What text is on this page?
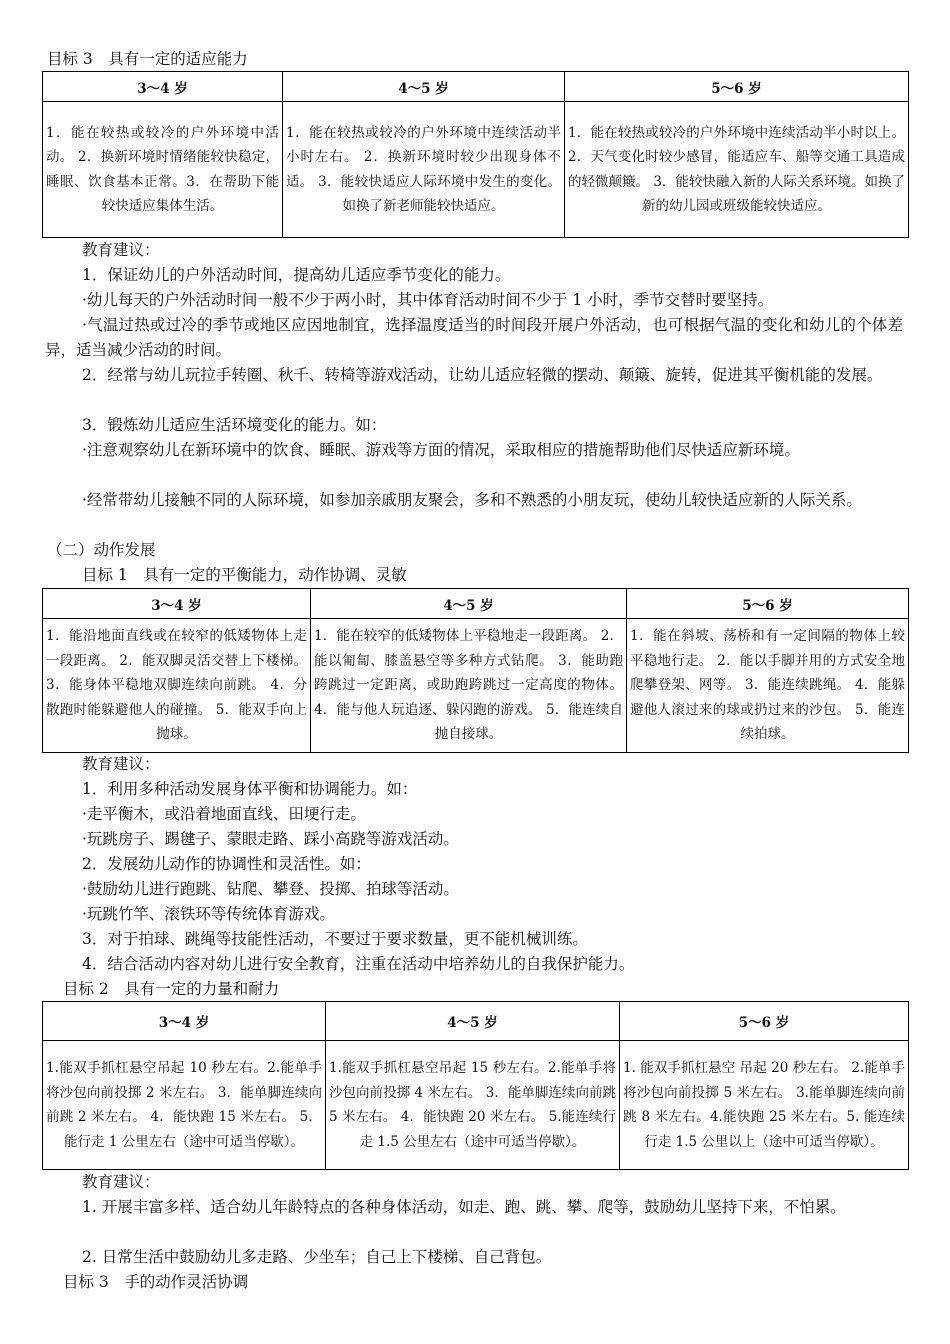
目标 3　具有一定的适应能力
3～4 岁	4～5 岁	5～6 岁
1．能在较热或较冷的户外环境中活动。 2．换新环境时情绪能较快稳定，睡眠、饮食基本正常。3．在帮助下能较快适应集体生活。	1．能在较热或较冷的户外环境中连续活动半小时左右。 2．换新环境时较少出现身体不适。 3．能较快适应人际环境中发生的变化。如换了新老师能较快适应。	1．能在较热或较冷的户外环境中连续活动半小时以上。 2．天气变化时较少感冒，能适应车、船等交通工具造成的轻微颠簸。 3．能较快融入新的人际关系环境。如换了新的幼儿园或班级能较快适应。
教育建议：
1．保证幼儿的户外活动时间，提高幼儿适应季节变化的能力。
·幼儿每天的户外活动时间一般不少于两小时，其中体育活动时间不少于 1 小时，季节交替时要坚持。
·气温过热或过冷的季节或地区应因地制宜，选择温度适当的时间段开展户外活动，也可根据气温的变化和幼儿的个体差异，适当减少活动的时间。
2．经常与幼儿玩拉手转圈、秋千、转椅等游戏活动，让幼儿适应轻微的摆动、颠簸、旋转，促进其平衡机能的发展。
3．锻炼幼儿适应生活环境变化的能力。如：
·注意观察幼儿在新环境中的饮食、睡眠、游戏等方面的情况，采取相应的措施帮助他们尽快适应新环境。
·经常带幼儿接触不同的人际环境，如参加亲戚朋友聚会，多和不熟悉的小朋友玩，使幼儿较快适应新的人际关系。
（二）动作发展
目标 1　具有一定的平衡能力，动作协调、灵敏
3～4 岁	4～5 岁	5～6 岁
1．能沿地面直线或在较窄的低矮物体上走一段距离。 2．能双脚灵活交替上下楼梯。 3．能身体平稳地双脚连续向前跳。 4．分散跑时能躲避他人的碰撞。 5．能双手向上抛球。	1．能在较窄的低矮物体上平稳地走一段距离。 2．能以匍匐、膝盖悬空等多种方式钻爬。 3．能助跑跨跳过一定距离，或助跑跨跳过一定高度的物体。 4．能与他人玩追逐、躲闪跑的游戏。 5．能连续自抛自接球。	1．能在斜坡、荡桥和有一定间隔的物体上较平稳地行走。 2．能以手脚并用的方式安全地爬攀登架、网等。 3．能连续跳绳。 4．能躲避他人滚过来的球或扔过来的沙包。 5．能连续拍球。
教育建议：
1．利用多种活动发展身体平衡和协调能力。如：
·走平衡木，或沿着地面直线、田埂行走。
·玩跳房子、踢毽子、蒙眼走路、踩小高跷等游戏活动。
2．发展幼儿动作的协调性和灵活性。如：
·鼓励幼儿进行跑跳、钻爬、攀登、投掷、拍球等活动。
·玩跳竹竿、滚铁环等传统体育游戏。
3．对于拍球、跳绳等技能性活动，不要过于要求数量，更不能机械训练。
4．结合活动内容对幼儿进行安全教育，注重在活动中培养幼儿的自我保护能力。
目标 2　具有一定的力量和耐力
3～4 岁	4～5 岁	5～6 岁
1.能双手抓杠悬空吊起 10 秒左右。2.能单手将沙包向前投掷 2 米左右。 3．能单脚连续向前跳 2 米左右。 4．能快跑 15 米左右。 5．能行走 1 公里左右（途中可适当停歇）。	1.能双手抓杠悬空吊起 15 秒左右。2.能单手将沙包向前投掷 4 米左右。 3．能单脚连续向前跳 5 米左右。 4．能快跑 20 米左右。 5.能连续行走 1.5 公里左右（途中可适当停歇）。	1. 能双手抓杠悬空 吊起 20 秒左右。 2.能单手将沙包向前投掷 5 米左右。 3.能单脚连续向前跳 8 米左右。4.能快跑 25 米左右。5. 能连续行走 1.5 公里以上（途中可适当停歇）。
教育建议：
1. 开展丰富多样、适合幼儿年龄特点的各种身体活动，如走、跑、跳、攀、爬等，鼓励幼儿坚持下来，不怕累。
2. 日常生活中鼓励幼儿多走路、少坐车；自己上下楼梯、自己背包。
目标 3　手的动作灵活协调
